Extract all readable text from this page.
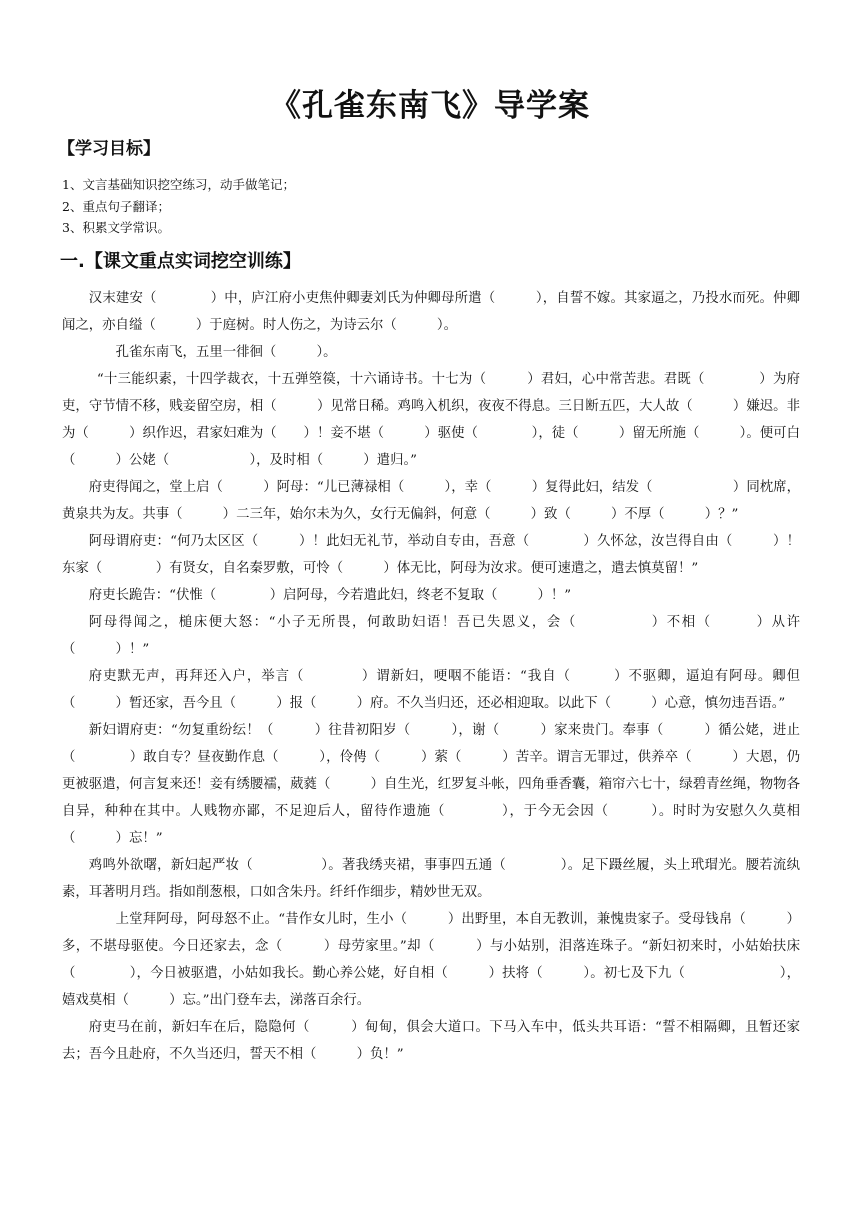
《孔雀东南飞》导学案
【学习目标】
1、文言基础知识挖空练习，动手做笔记；
2、重点句子翻译；
3、积累文学常识。
一.【课文重点实词挖空训练】

汉末建安（　　　　）中，庐江府小吏焦仲卿妻刘氏为仲卿母所遣（　　　），自誓不嫁。其家逼之，乃投水而死。仲卿闻之，亦自缢（　　　）于庭树。时人伤之，为诗云尔（　　　）。

孔雀东南飞，五里一徘徊（　　　）。

“十三能织素，十四学裁衣，十五弹箜篌，十六诵诗书。十七为（　　　）君妇，心中常苦悲。君既（　　　　）为府吏，守节情不移，贱妾留空房，相（　　　）见常日稀。鸡鸣入机织，夜夜不得息。三日断五匹，大人故（　　　）嫌迟。非为（　　　）织作迟，君家妇难为（　　）！妾不堪（　　　）驱使（　　　　），徒（　　　）留无所施（　　　）。便可白（　　　）公姥（　　　　　　），及时相（　　　）遣归。”

府吏得闻之，堂上启（　　　）阿母：“儿已薄禄相（　　　），幸（　　　）复得此妇，结发（　　　　　　）同枕席，黄泉共为友。共事（　　　）二三年，始尔未为久，女行无偏斜，何意（　　　）致（　　　）不厚（　　　）？”

阿母谓府吏：“何乃太区区（　　　）！此妇无礼节，举动自专由，吾意（　　　　）久怀忿，汝岂得自由（　　　）！东家（　　　　）有贤女，自名秦罗敷，可怜（　　　）体无比，阿母为汝求。便可速遣之，遣去慎莫留！”

府吏长跪告：“伏惟（　　　　）启阿母，今若遣此妇，终老不复取（　　　）！”

阿母得闻之，槌床便大怒：“小子无所畏，何敢助妇语！吾已失恩义，会（　　　　　）不相（　　　）从许（　　　）！”

府吏默无声，再拜还入户，举言（　　　　）谓新妇，哽咽不能语：“我自（　　　）不驱卿，逼迫有阿母。卿但（　　　）暂还家，吾今且（　　　）报（　　　）府。不久当归还，还必相迎取。以此下（　　　）心意，慎勿违吾语。”

新妇谓府吏：“勿复重纷纭！（　　　）往昔初阳岁（　　　），谢（　　　）家来贵门。奉事（　　　）循公姥，进止（　　　　）敢自专？昼夜勤作息（　　　），伶俜（　　　）萦（　　　）苦辛。谓言无罪过，供养卒（　　　）大恩，仍更被驱遣，何言复来还！妾有绣腰襦，葳蕤（　　　）自生光，红罗复斗帐，四角垂香囊，箱帘六七十，绿碧青丝绳，物物各自异，种种在其中。人贱物亦鄙，不足迎后人，留待作遗施（　　　　），于今无会因（　　　）。时时为安慰久久莫相（　　　）忘！”

鸡鸣外欲曙，新妇起严妆（　　　　　）。著我绣夹裙，事事四五通（　　　　）。足下蹑丝履，头上玳瑁光。腰若流纨素，耳著明月珰。指如削葱根，口如含朱丹。纤纤作细步，精妙世无双。

上堂拜阿母，阿母怒不止。“昔作女儿时，生小（　　　）出野里，本自无教训，兼愧贵家子。受母钱帛（　　　）多，不堪母驱使。今日还家去，念（　　　）母劳家里。”却（　　　）与小姑别，泪落连珠子。“新妇初来时，小姑始扶床（　　　　），今日被驱遣，小姑如我长。勤心养公姥，好自相（　　　）扶将（　　　）。初七及下九（　　　　　　　），嬉戏莫相（　　　）忘。”出门登车去，涕落百余行。

府吏马在前，新妇车在后，隐隐何（　　　）甸甸，俱会大道口。下马入车中，低头共耳语：“誓不相隔卿，且暂还家去；吾今且赴府，不久当还归，誓天不相（　　　）负！”
